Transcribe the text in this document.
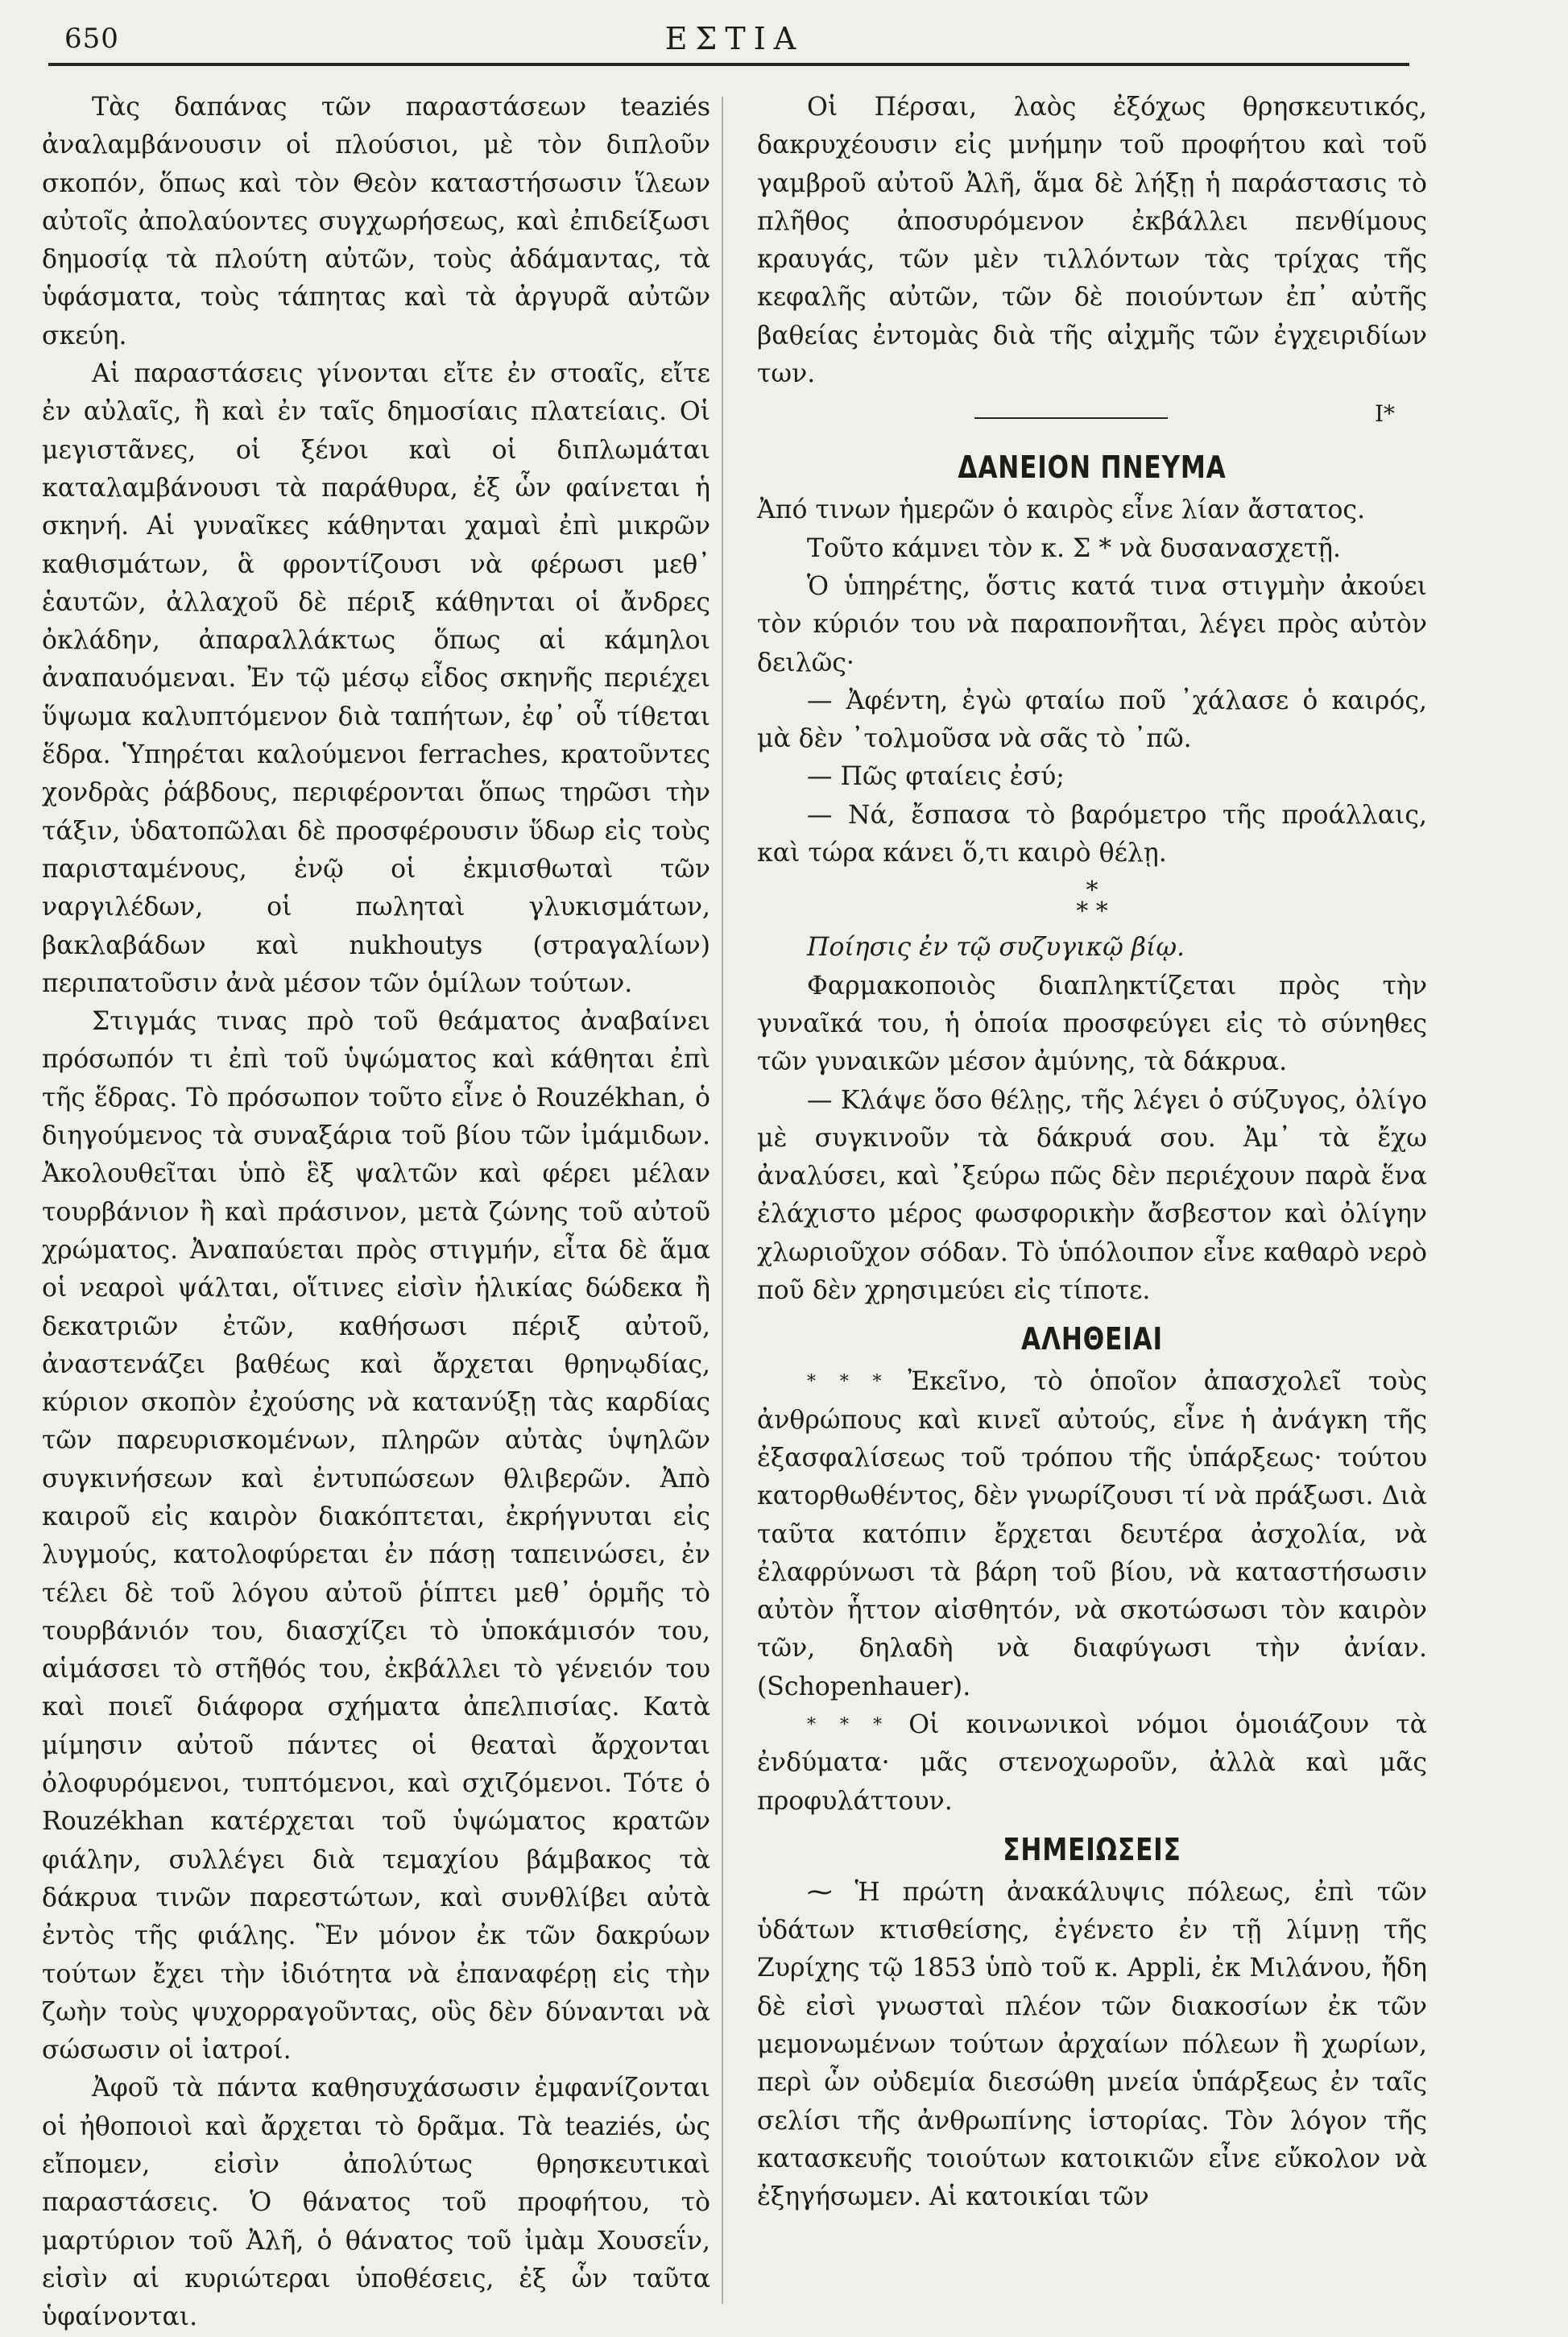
650	ΕΣΤΙΑ

Τὰς δαπάνας τῶν παραστάσεων teaziés ἀναλαμβάνουσιν οἱ πλούσιοι, μὲ τὸν διπλοῦν σκοπόν, ὅπως καὶ τὸν Θεὸν καταστήσωσιν ἵλεων αὐτοῖς ἀπολαύοντες συγχωρήσεως, καὶ ἐπιδείξωσι δημοσίᾳ τὰ πλούτη αὐτῶν, τοὺς ἀδάμαντας, τὰ ὑφάσματα, τοὺς τάπητας καὶ τὰ ἀργυρᾶ αὐτῶν σκεύη.

Αἱ παραστάσεις γίνονται εἴτε ἐν στοαῖς, εἴτε ἐν αὐλαῖς, ἢ καὶ ἐν ταῖς δημοσίαις πλατείαις. Οἱ μεγιστᾶνες, οἱ ξένοι καὶ οἱ διπλωμάται καταλαμβάνουσι τὰ παράθυρα, ἐξ ὧν φαίνεται ἡ σκηνή. Αἱ γυναῖκες κάθηνται χαμαὶ ἐπὶ μικρῶν καθισμάτων, ἃ φροντίζουσι νὰ φέρωσι μεθ᾽ ἑαυτῶν, ἀλλαχοῦ δὲ πέριξ κάθηνται οἱ ἄνδρες ὀκλάδην, ἀπαραλλάκτως ὅπως αἱ κάμηλοι ἀναπαυόμεναι. Ἐν τῷ μέσῳ εἶδος σκηνῆς περιέχει ὕψωμα καλυπτόμενον διὰ ταπήτων, ἐφ᾽ οὗ τίθεται ἕδρα. Ὑπηρέται καλούμενοι ferraches, κρατοῦντες χονδρὰς ῥάβδους, περιφέρονται ὅπως τηρῶσι τὴν τάξιν, ὑδατοπῶλαι δὲ προσφέρουσιν ὕδωρ εἰς τοὺς παρισταμένους, ἐνῷ οἱ ἐκμισθωταὶ τῶν ναργιλέδων, οἱ πωληταὶ γλυκισμάτων, βακλαβάδων καὶ nukhoutys (στραγαλίων) περιπατοῦσιν ἀνὰ μέσον τῶν ὁμίλων τούτων.

Στιγμάς τινας πρὸ τοῦ θεάματος ἀναβαίνει πρόσωπόν τι ἐπὶ τοῦ ὑψώματος καὶ κάθηται ἐπὶ τῆς ἕδρας. Τὸ πρόσωπον τοῦτο εἶνε ὁ Rouzékhan, ὁ διηγούμενος τὰ συναξάρια τοῦ βίου τῶν ἰμάμιδων. Ἀκολουθεῖται ὑπὸ ἓξ ψαλτῶν καὶ φέρει μέλαν τουρβάνιον ἢ καὶ πράσινον, μετὰ ζώνης τοῦ αὐτοῦ χρώματος. Ἀναπαύεται πρὸς στιγμήν, εἶτα δὲ ἅμα οἱ νεαροὶ ψάλται, οἵτινες εἰσὶν ἡλικίας δώδεκα ἢ δεκατριῶν ἐτῶν, καθήσωσι πέριξ αὐτοῦ, ἀναστενάζει βαθέως καὶ ἄρχεται θρηνῳδίας, κύριον σκοπὸν ἐχούσης νὰ κατανύξῃ τὰς καρδίας τῶν παρευρισκομένων, πληρῶν αὐτὰς ὑψηλῶν συγκινήσεων καὶ ἐντυπώσεων θλιβερῶν. Ἀπὸ καιροῦ εἰς καιρὸν διακόπτεται, ἐκρήγνυται εἰς λυγμούς, κατολοφύρεται ἐν πάσῃ ταπεινώσει, ἐν τέλει δὲ τοῦ λόγου αὐτοῦ ῥίπτει μεθ᾽ ὁρμῆς τὸ τουρβάνιόν του, διασχίζει τὸ ὑποκάμισόν του, αἱμάσσει τὸ στῆθός του, ἐκβάλλει τὸ γένειόν του καὶ ποιεῖ διάφορα σχήματα ἀπελπισίας. Κατὰ μίμησιν αὐτοῦ πάντες οἱ θεαταὶ ἄρχονται ὀλοφυρόμενοι, τυπτόμενοι, καὶ σχιζόμενοι. Τότε ὁ Rouzékhan κατέρχεται τοῦ ὑψώματος κρατῶν φιάλην, συλλέγει διὰ τεμαχίου βάμβακος τὰ δάκρυα τινῶν παρεστώτων, καὶ συνθλίβει αὐτὰ ἐντὸς τῆς φιάλης. Ἓν μόνον ἐκ τῶν δακρύων τούτων ἔχει τὴν ἰδιότητα νὰ ἐπαναφέρῃ εἰς τὴν ζωὴν τοὺς ψυχορραγοῦντας, οὓς δὲν δύνανται νὰ σώσωσιν οἱ ἰατροί.

Ἀφοῦ τὰ πάντα καθησυχάσωσιν ἐμφανίζονται οἱ ἠθοποιοὶ καὶ ἄρχεται τὸ δρᾶμα. Τὰ teaziés, ὡς εἴπομεν, εἰσὶν ἀπολύτως θρησκευτικαὶ παραστάσεις. Ὁ θάνατος τοῦ προφήτου, τὸ μαρτύριον τοῦ Ἀλῆ, ὁ θάνατος τοῦ ἰμὰμ Χουσεΐν, εἰσὶν αἱ κυριώτεραι ὑποθέσεις, ἐξ ὧν ταῦτα ὑφαίνονται.

Οἱ Πέρσαι, λαὸς ἐξόχως θρησκευτικός, δακρυχέουσιν εἰς μνήμην τοῦ προφήτου καὶ τοῦ γαμβροῦ αὐτοῦ Ἀλῆ, ἅμα δὲ λήξῃ ἡ παράστασις τὸ πλῆθος ἀποσυρόμενον ἐκβάλλει πενθίμους κραυγάς, τῶν μὲν τιλλόντων τὰς τρίχας τῆς κεφαλῆς αὐτῶν, τῶν δὲ ποιούντων ἐπ᾽ αὐτῆς βαθείας ἐντομὰς διὰ τῆς αἰχμῆς τῶν ἐγχειριδίων των.

Ι*
ΔΑΝΕΙΟΝ ΠΝΕΥΜΑ

Ἀπό τινων ἡμερῶν ὁ καιρὸς εἶνε λίαν ἄστατος.

Τοῦτο κάμνει τὸν κ. Σ * νὰ δυσανασχετῇ.

Ὁ ὑπηρέτης, ὅστις κατά τινα στιγμὴν ἀκούει τὸν κύριόν του νὰ παραπονῆται, λέγει πρὸς αὐτὸν δειλῶς·

— Ἀφέντη, ἐγὼ φταίω ποῦ ᾽χάλασε ὁ καιρός, μὰ δὲν ᾽τολμοῦσα νὰ σᾶς τὸ ᾽πῶ.

— Πῶς φταίεις ἐσύ;

— Νά, ἔσπασα τὸ βαρόμετρο τῆς προάλλαις, καὶ τώρα κάνει ὅ,τι καιρὸ θέλῃ.

*
* *

Ποίησις ἐν τῷ συζυγικῷ βίῳ.

Φαρμακοποιὸς διαπληκτίζεται πρὸς τὴν γυναῖκά του, ἡ ὁποία προσφεύγει εἰς τὸ σύνηθες τῶν γυναικῶν μέσον ἀμύνης, τὰ δάκρυα.

— Κλάψε ὅσο θέλῃς, τῆς λέγει ὁ σύζυγος, ὀλίγο μὲ συγκινοῦν τὰ δάκρυά σου. Ἀμ᾽ τὰ ἔχω ἀναλύσει, καὶ ᾽ξεύρω πῶς δὲν περιέχουν παρὰ ἕνα ἐλάχιστο μέρος φωσφορικὴν ἄσβεστον καὶ ὀλίγην χλωριοῦχον σόδαν. Τὸ ὑπόλοιπον εἶνε καθαρὸ νερὸ ποῦ δὲν χρησιμεύει εἰς τίποτε.

ΑΛΗΘΕΙΑΙ

* * * Ἐκεῖνο, τὸ ὁποῖον ἀπασχολεῖ τοὺς ἀνθρώπους καὶ κινεῖ αὐτούς, εἶνε ἡ ἀνάγκη τῆς ἐξασφαλίσεως τοῦ τρόπου τῆς ὑπάρξεως· τούτου κατορθωθέντος, δὲν γνωρίζουσι τί νὰ πράξωσι. Διὰ ταῦτα κατόπιν ἔρχεται δευτέρα ἀσχολία, νὰ ἐλαφρύνωσι τὰ βάρη τοῦ βίου, νὰ καταστήσωσιν αὐτὸν ἧττον αἰσθητόν, νὰ σκοτώσωσι τὸν καιρὸν τῶν, δηλαδὴ νὰ διαφύγωσι τὴν ἀνίαν. (Schopenhauer).

* * * Οἱ κοινωνικοὶ νόμοι ὁμοιάζουν τὰ ἐνδύματα· μᾶς στενοχωροῦν, ἀλλὰ καὶ μᾶς προφυλάττουν.

ΣΗΜΕΙΩΣΕΙΣ

⁓ Ἡ πρώτη ἀνακάλυψις πόλεως, ἐπὶ τῶν ὑδάτων κτισθείσης, ἐγένετο ἐν τῇ λίμνῃ τῆς Ζυρίχης τῷ 1853 ὑπὸ τοῦ κ. Appli, ἐκ Μιλάνου, ἤδη δὲ εἰσὶ γνωσταὶ πλέον τῶν διακοσίων ἐκ τῶν μεμονωμένων τούτων ἀρχαίων πόλεων ἢ χωρίων, περὶ ὧν οὐδεμία διεσώθη μνεία ὑπάρξεως ἐν ταῖς σελίσι τῆς ἀνθρωπίνης ἱστορίας. Τὸν λόγον τῆς κατασκευῆς τοιούτων κατοικιῶν εἶνε εὔκολον νὰ ἐξηγήσωμεν. Αἱ κατοικίαι τῶν
